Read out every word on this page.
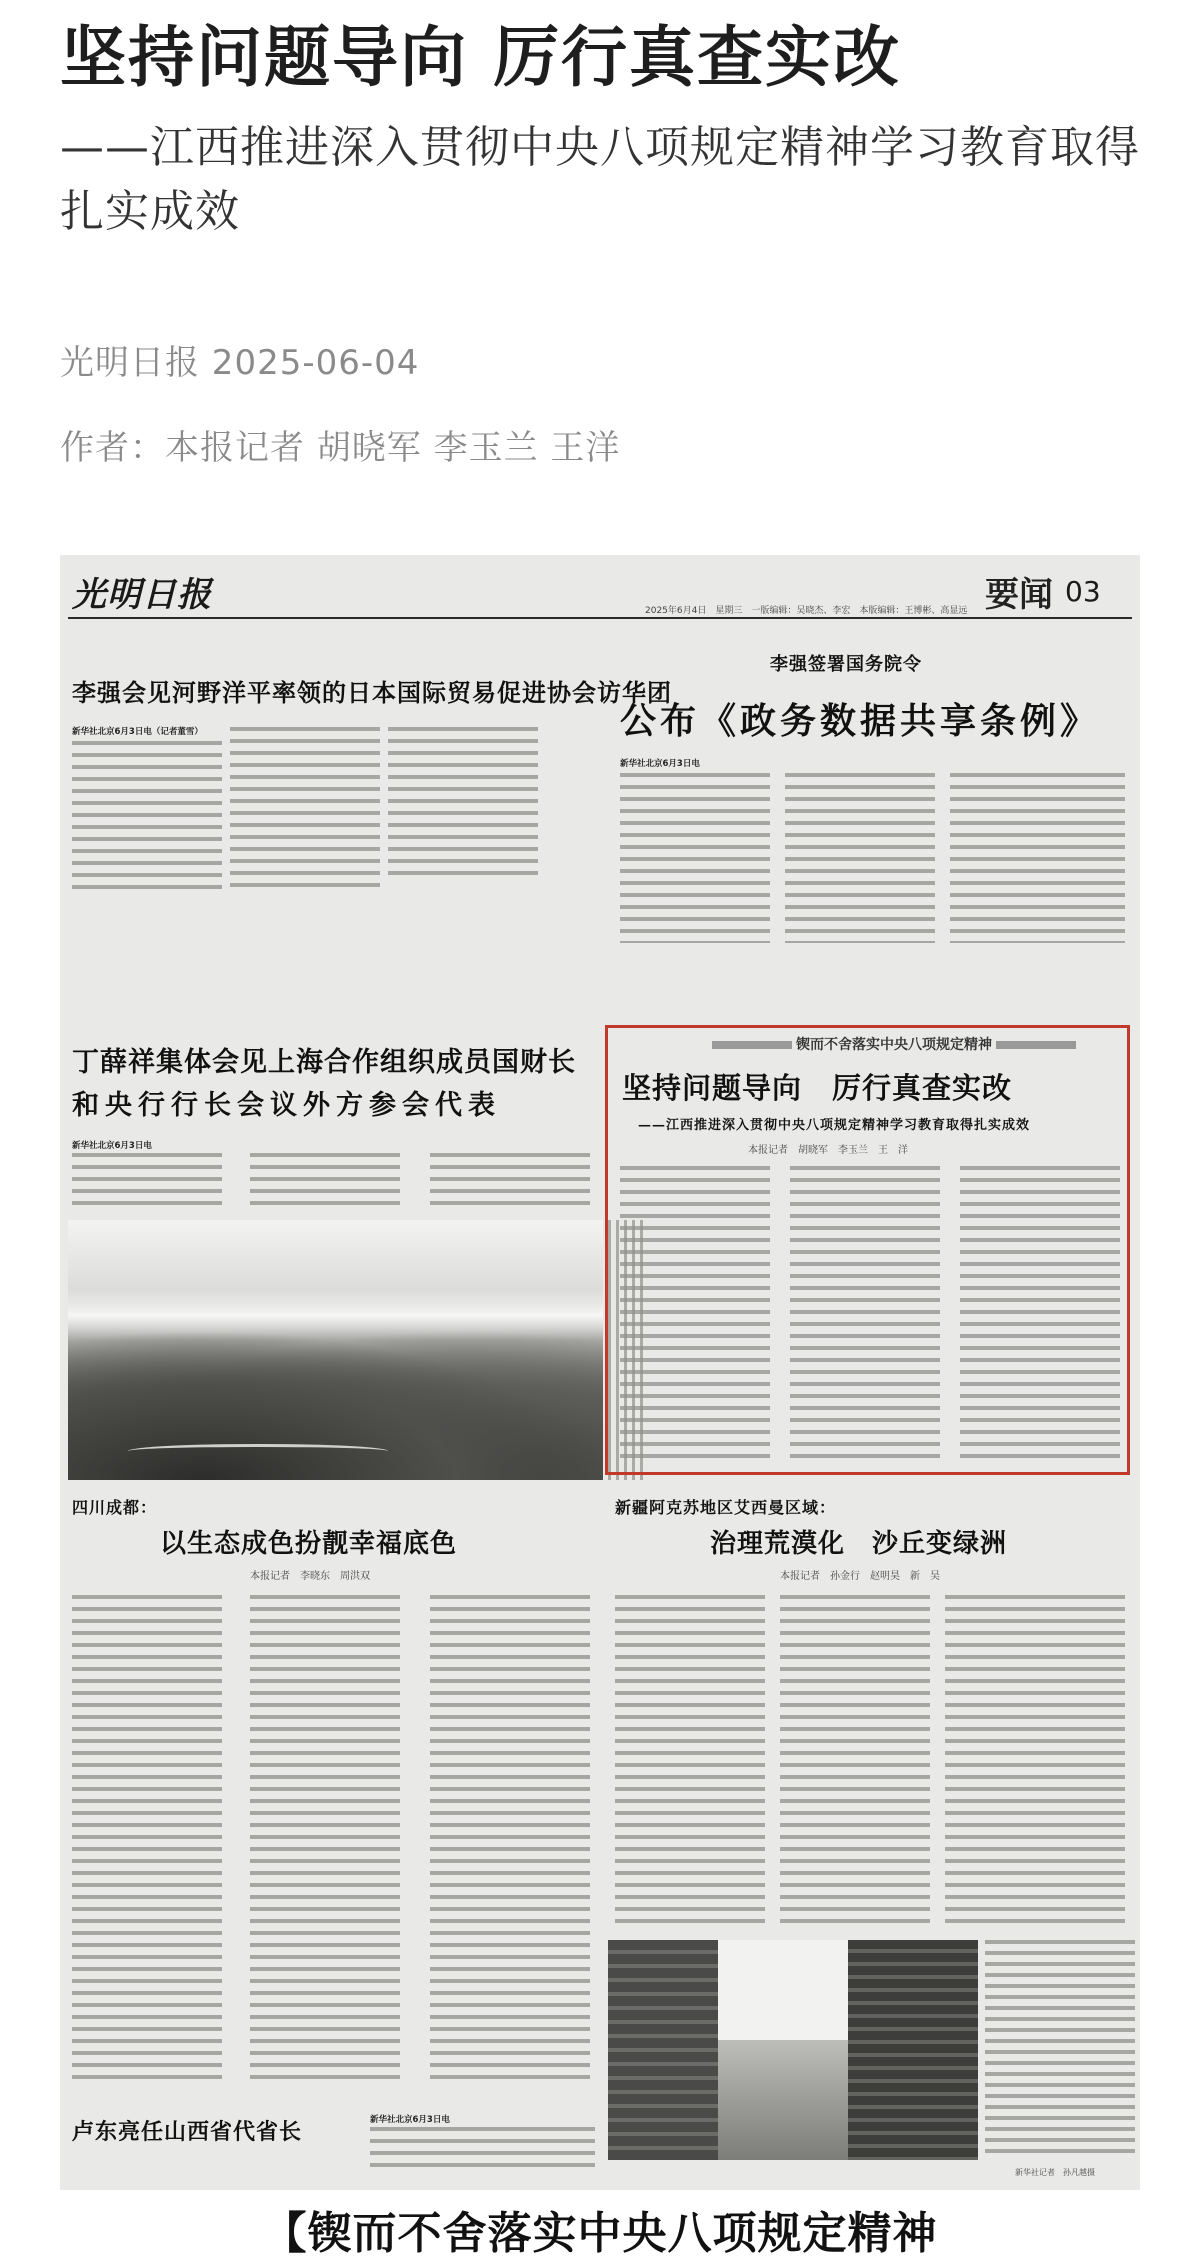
坚持问题导向 厉行真查实改
——江西推进深入贯彻中央八项规定精神学习教育取得扎实成效
光明日报 2025-06-04
作者：本报记者 胡晓军 李玉兰 王洋
光明日报	2025年6月4日　星期三　一版编辑：吴晓杰、李宏　本版编辑：王博彬、高显远 要闻 03
李强会见河野洋平率领的日本国际贸易促进协会访华团
新华社北京6月3日电（记者董雪）
李强签署国务院令
公布《政务数据共享条例》
新华社北京6月3日电
丁薛祥集体会见上海合作组织成员国财长
和央行行长会议外方参会代表
新华社北京6月3日电
锲而不舍落实中央八项规定精神
坚持问题导向　厉行真查实改
——江西推进深入贯彻中央八项规定精神学习教育取得扎实成效
本报记者　胡晓军　李玉兰　王　洋
四川成都：
以生态成色扮靓幸福底色
本报记者　李晓东　周洪双
新疆阿克苏地区艾西曼区域：
治理荒漠化　沙丘变绿洲
本报记者　孙金行　赵明昊　新　吴
新华社记者　孙凡越摄
卢东亮任山西省代省长	新华社北京6月3日电
【锲而不舍落实中央八项规定精神
